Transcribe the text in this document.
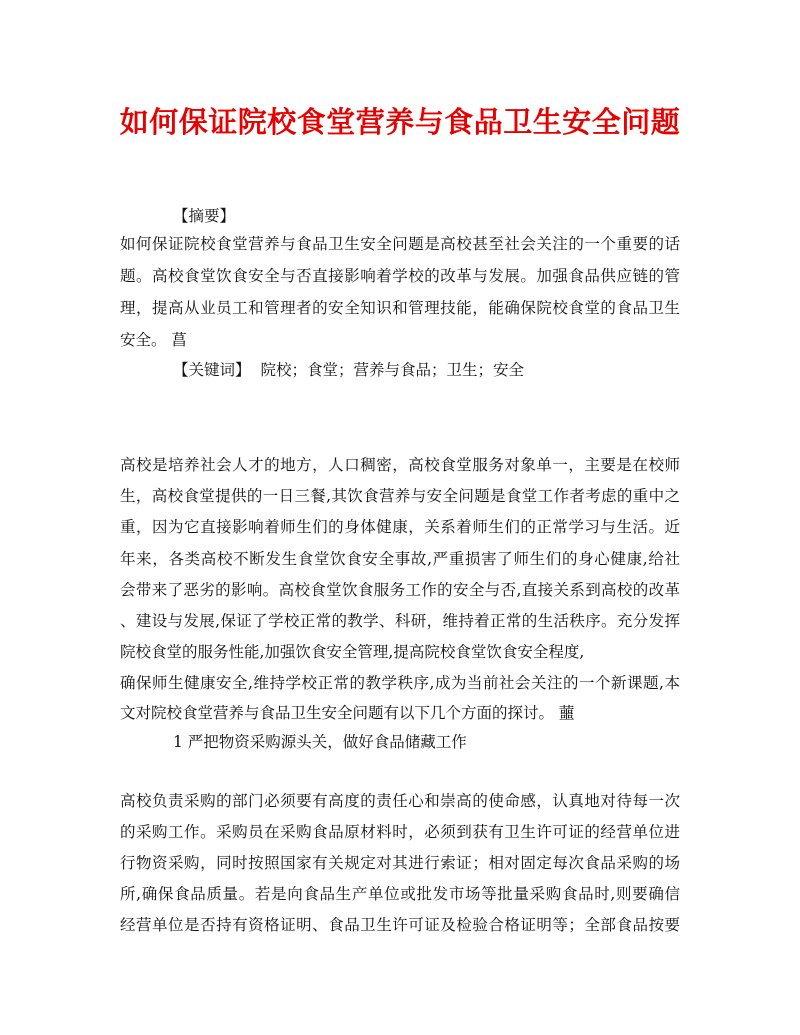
如何保证院校食堂营养与食品卫生安全问题
【摘要】
如何保证院校食堂营养与食品卫生安全问题是高校甚至社会关注的一个重要的话
题。高校食堂饮食安全与否直接影响着学校的改革与发展。加强食品供应链的管
理，提高从业员工和管理者的安全知识和管理技能，能确保院校食堂的食品卫生
安全。 菖
【关键词】 院校；食堂；营养与食品；卫生；安全
高校是培养社会人才的地方，人口稠密，高校食堂服务对象单一，主要是在校师
生，高校食堂提供的一日三餐,其饮食营养与安全问题是食堂工作者考虑的重中之
重，因为它直接影响着师生们的身体健康，关系着师生们的正常学习与生活。近
年来，各类高校不断发生食堂饮食安全事故,严重损害了师生们的身心健康,给社
会带来了恶劣的影响。高校食堂饮食服务工作的安全与否,直接关系到高校的改革
、建设与发展,保证了学校正常的教学、科研，维持着正常的生活秩序。充分发挥
院校食堂的服务性能,加强饮食安全管理,提高院校食堂饮食安全程度,
确保师生健康安全,维持学校正常的教学秩序,成为当前社会关注的一个新课题,本
文对院校食堂营养与食品卫生安全问题有以下几个方面的探讨。 蘁
1 严把物资采购源头关，做好食品储藏工作
高校负责采购的部门必须要有高度的责任心和崇高的使命感，认真地对待每一次
的采购工作。采购员在采购食品原材料时，必须到获有卫生许可证的经营单位进
行物资采购，同时按照国家有关规定对其进行索证；相对固定每次食品采购的场
所,确保食品质量。若是向食品生产单位或批发市场等批量采购食品时,则要确信
经营单位是否持有资格证明、食品卫生许可证及检验合格证明等；全部食品按要
